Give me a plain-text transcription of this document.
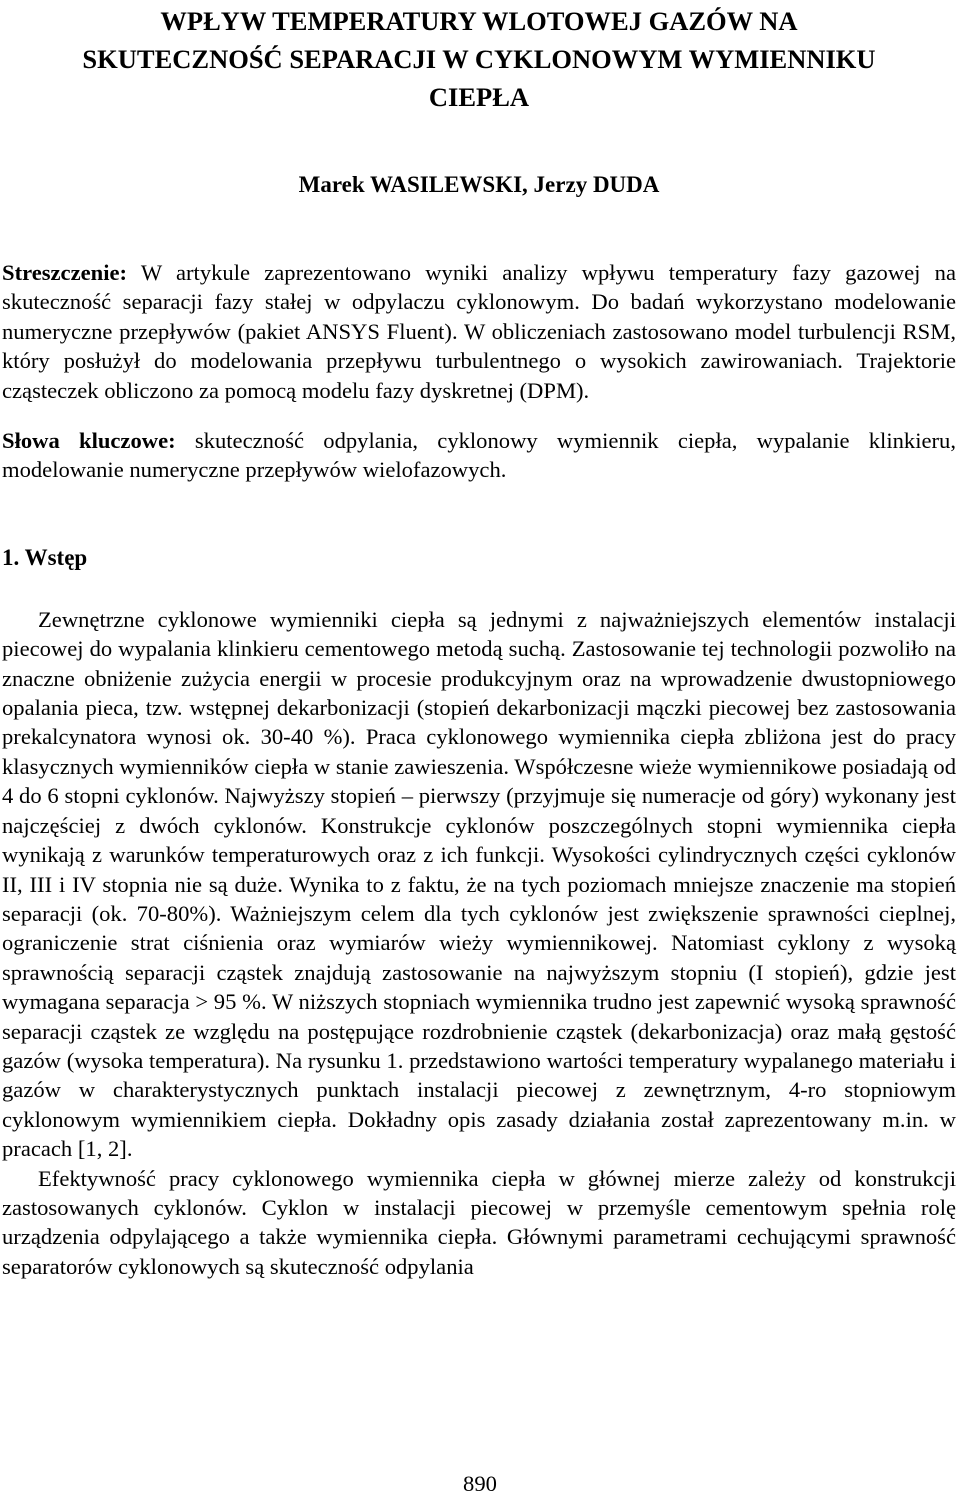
WPŁYW TEMPERATURY WLOTOWEJ GAZÓW NA
SKUTECZNOŚĆ SEPARACJI W CYKLONOWYM WYMIENNIKU
CIEPŁA

Marek WASILEWSKI, Jerzy DUDA

Streszczenie: W artykule zaprezentowano wyniki analizy wpływu temperatury fazy gazowej na skuteczność separacji fazy stałej w odpylaczu cyklonowym. Do badań wykorzystano modelowanie numeryczne przepływów (pakiet ANSYS Fluent). W obliczeniach zastosowano model turbulencji RSM, który posłużył do modelowania przepływu turbulentnego o wysokich zawirowaniach. Trajektorie cząsteczek obliczono za pomocą modelu fazy dyskretnej (DPM).

Słowa kluczowe: skuteczność odpylania, cyklonowy wymiennik ciepła, wypalanie klinkieru, modelowanie numeryczne przepływów wielofazowych.

1. Wstęp

Zewnętrzne cyklonowe wymienniki ciepła są jednymi z najważniejszych elementów instalacji piecowej do wypalania klinkieru cementowego metodą suchą. Zastosowanie tej technologii pozwoliło na znaczne obniżenie zużycia energii w procesie produkcyjnym oraz na wprowadzenie dwustopniowego opalania pieca, tzw. wstępnej dekarbonizacji (stopień dekarbonizacji mączki piecowej bez zastosowania prekalcynatora wynosi ok. 30-40 %). Praca cyklonowego wymiennika ciepła zbliżona jest do pracy klasycznych wymienników ciepła w stanie zawieszenia. Współczesne wieże wymiennikowe posiadają od 4 do 6 stopni cyklonów. Najwyższy stopień – pierwszy (przyjmuje się numeracje od góry) wykonany jest najczęściej z dwóch cyklonów. Konstrukcje cyklonów poszczególnych stopni wymiennika ciepła wynikają z warunków temperaturowych oraz z ich funkcji. Wysokości cylindrycznych części cyklonów II, III i IV stopnia nie są duże. Wynika to z faktu, że na tych poziomach mniejsze znaczenie ma stopień separacji (ok. 70-80%). Ważniejszym celem dla tych cyklonów jest zwiększenie sprawności cieplnej, ograniczenie strat ciśnienia oraz wymiarów wieży wymiennikowej. Natomiast cyklony z wysoką sprawnością separacji cząstek znajdują zastosowanie na najwyższym stopniu (I stopień), gdzie jest wymagana separacja > 95 %. W niższych stopniach wymiennika trudno jest zapewnić wysoką sprawność separacji cząstek ze względu na postępujące rozdrobnienie cząstek (dekarbonizacja) oraz małą gęstość gazów (wysoka temperatura). Na rysunku 1. przedstawiono wartości temperatury wypalanego materiału i gazów w charakterystycznych punktach instalacji piecowej z zewnętrznym, 4-ro stopniowym cyklonowym wymiennikiem ciepła. Dokładny opis zasady działania został zaprezentowany m.in. w pracach [1, 2].

Efektywność pracy cyklonowego wymiennika ciepła w głównej mierze zależy od konstrukcji zastosowanych cyklonów. Cyklon w instalacji piecowej w przemyśle cementowym spełnia rolę urządzenia odpylającego a także wymiennika ciepła. Głównymi parametrami cechującymi sprawność separatorów cyklonowych są skuteczność odpylania

890
